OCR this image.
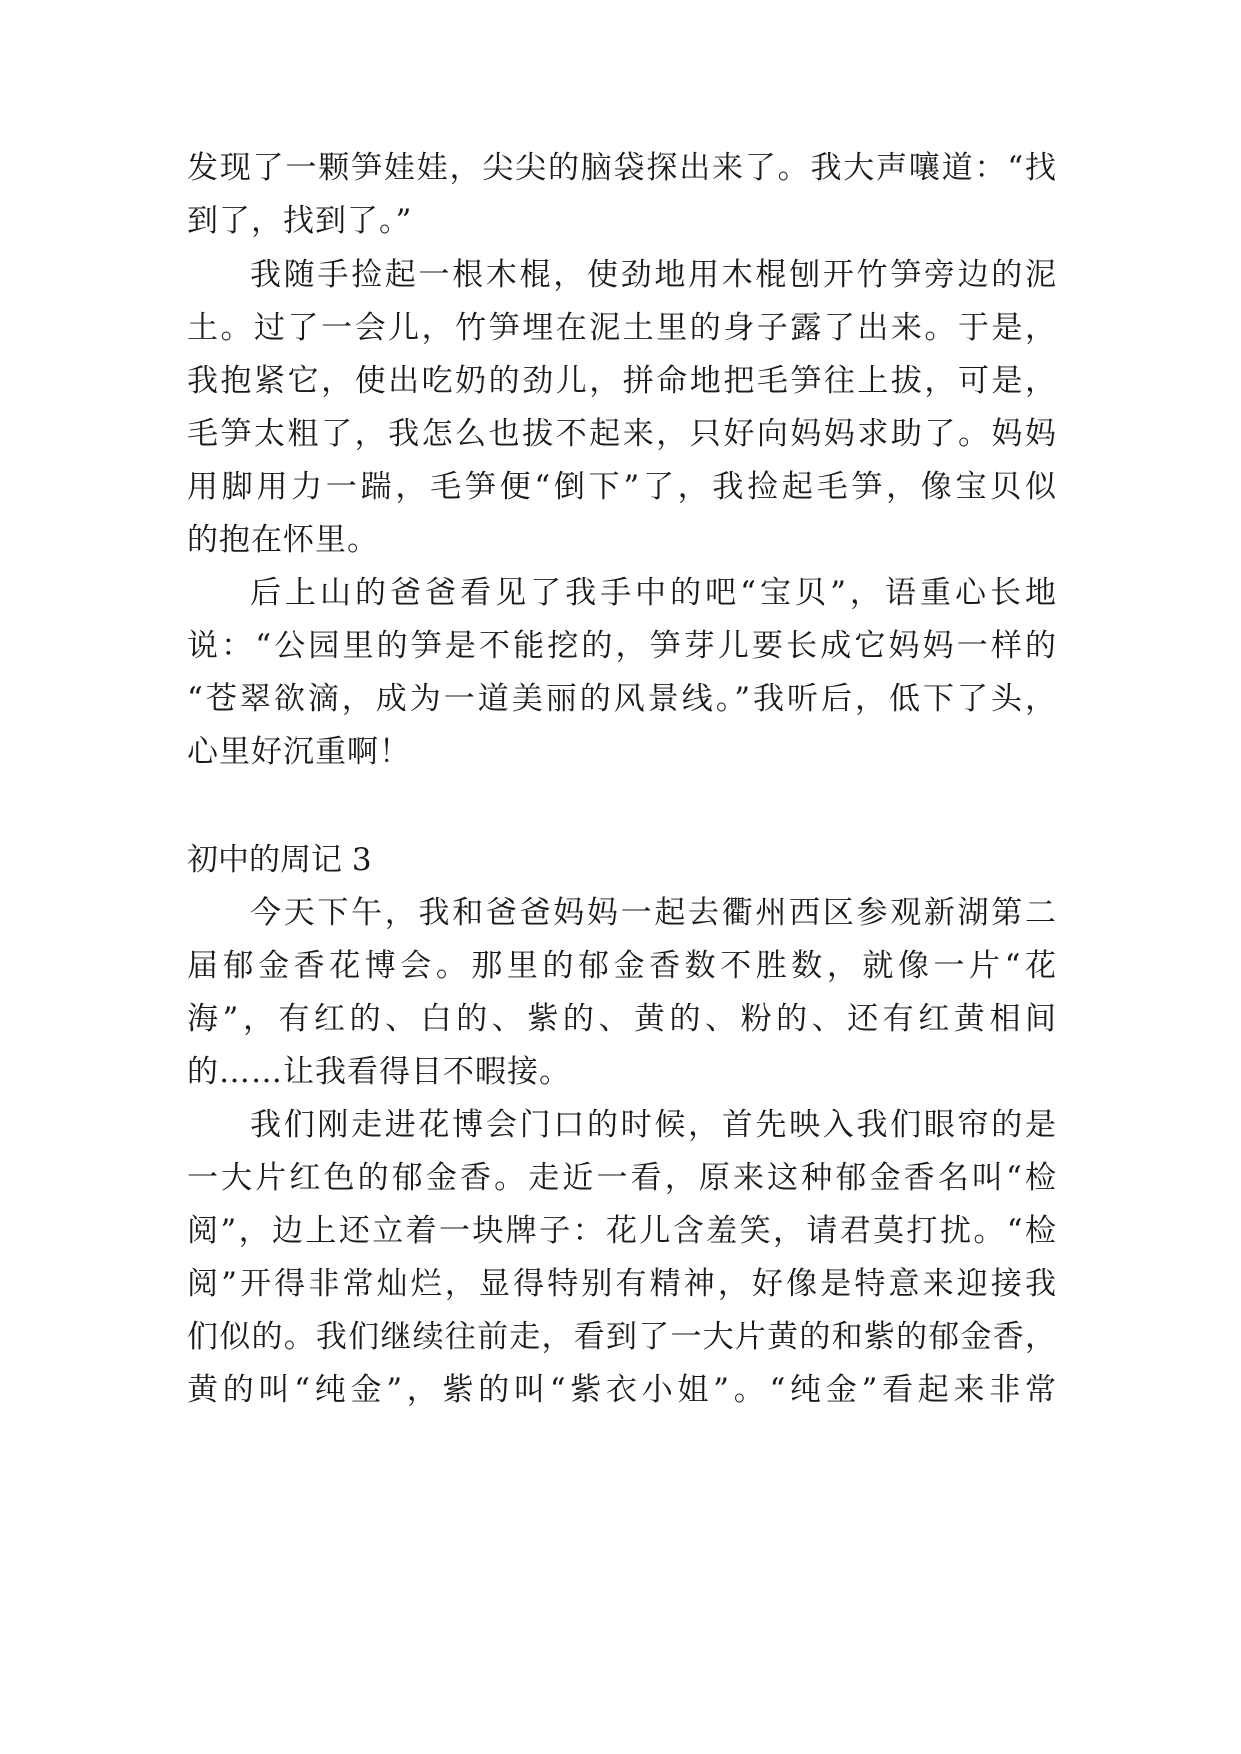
发现了一颗笋娃娃，尖尖的脑袋探出来了。我大声嚷道：“找

到了，找到了。”

我随手捡起一根木棍，使劲地用木棍刨开竹笋旁边的泥

土。过了一会儿，竹笋埋在泥土里的身子露了出来。于是，

我抱紧它，使出吃奶的劲儿，拼命地把毛笋往上拔，可是，

毛笋太粗了，我怎么也拔不起来，只好向妈妈求助了。妈妈

用脚用力一踹，毛笋便“倒下”了，我捡起毛笋，像宝贝似

的抱在怀里。

后上山的爸爸看见了我手中的吧“宝贝”，语重心长地

说：“公园里的笋是不能挖的，笋芽儿要长成它妈妈一样的

“苍翠欲滴，成为一道美丽的风景线。”我听后，低下了头，

心里好沉重啊！

初中的周记 3

今天下午，我和爸爸妈妈一起去衢州西区参观新湖第二

届郁金香花博会。那里的郁金香数不胜数，就像一片“花

海”，有红的、白的、紫的、黄的、粉的、还有红黄相间

的……让我看得目不暇接。

我们刚走进花博会门口的时候，首先映入我们眼帘的是

一大片红色的郁金香。走近一看，原来这种郁金香名叫“检

阅”，边上还立着一块牌子：花儿含羞笑，请君莫打扰。“检

阅”开得非常灿烂，显得特别有精神，好像是特意来迎接我

们似的。我们继续往前走，看到了一大片黄的和紫的郁金香，

黄的叫“纯金”，紫的叫“紫衣小姐”。“纯金”看起来非常
